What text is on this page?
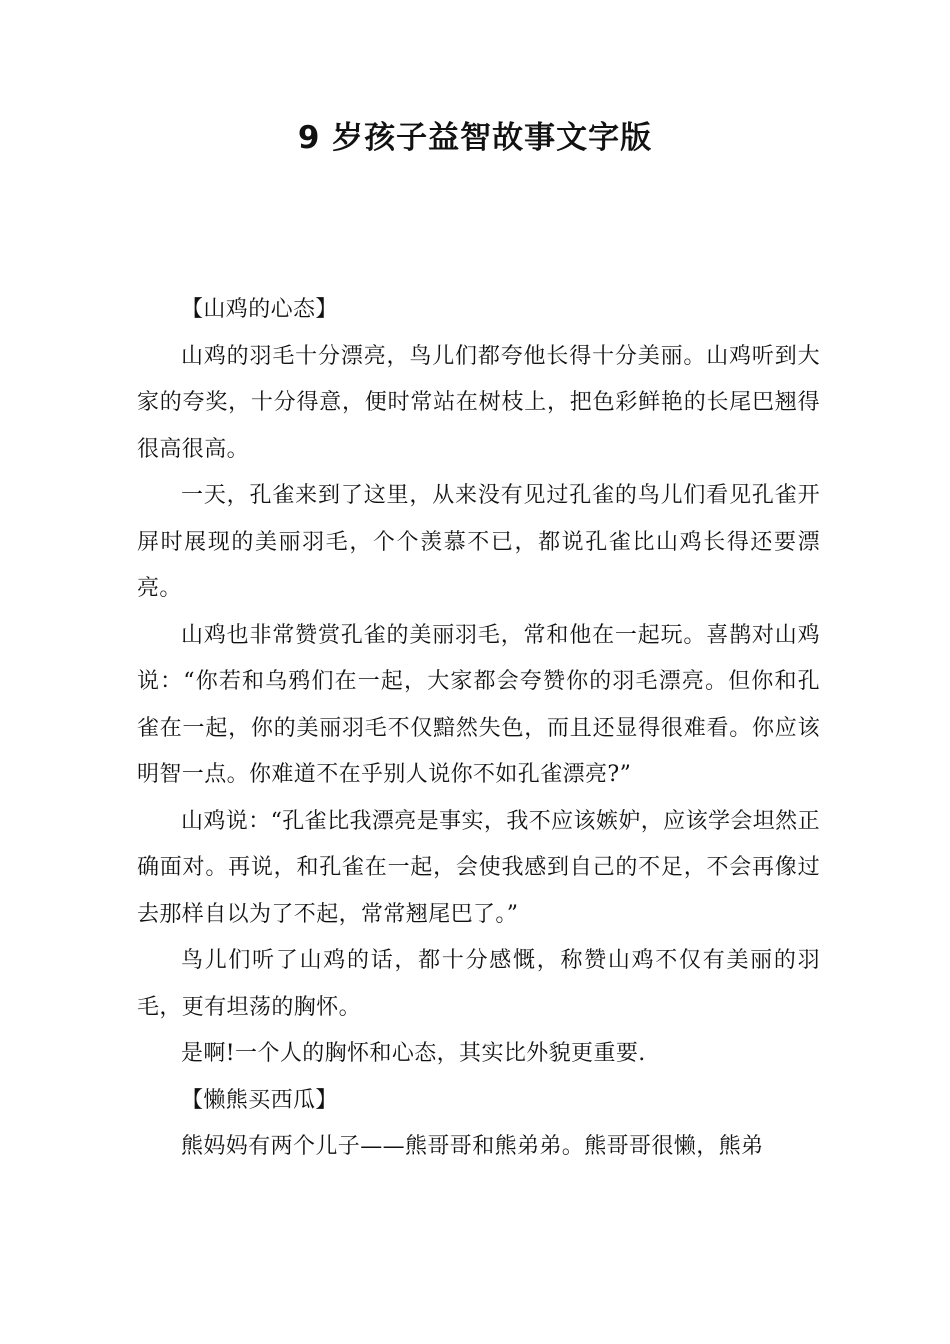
9 岁孩子益智故事文字版

【山鸡的心态】

山鸡的羽毛十分漂亮，鸟儿们都夸他长得十分美丽。山鸡听到大家的夸奖，十分得意，便时常站在树枝上，把色彩鲜艳的长尾巴翘得很高很高。

一天，孔雀来到了这里，从来没有见过孔雀的鸟儿们看见孔雀开屏时展现的美丽羽毛，个个羡慕不已，都说孔雀比山鸡长得还要漂亮。

山鸡也非常赞赏孔雀的美丽羽毛，常和他在一起玩。喜鹊对山鸡说：“你若和乌鸦们在一起，大家都会夸赞你的羽毛漂亮。但你和孔雀在一起，你的美丽羽毛不仅黯然失色，而且还显得很难看。你应该明智一点。你难道不在乎别人说你不如孔雀漂亮?”

山鸡说：“孔雀比我漂亮是事实，我不应该嫉妒，应该学会坦然正确面对。再说，和孔雀在一起，会使我感到自己的不足，不会再像过去那样自以为了不起，常常翘尾巴了。”

鸟儿们听了山鸡的话，都十分感慨，称赞山鸡不仅有美丽的羽毛，更有坦荡的胸怀。

是啊!一个人的胸怀和心态，其实比外貌更重要.

【懒熊买西瓜】

熊妈妈有两个儿子——熊哥哥和熊弟弟。熊哥哥很懒，熊弟
